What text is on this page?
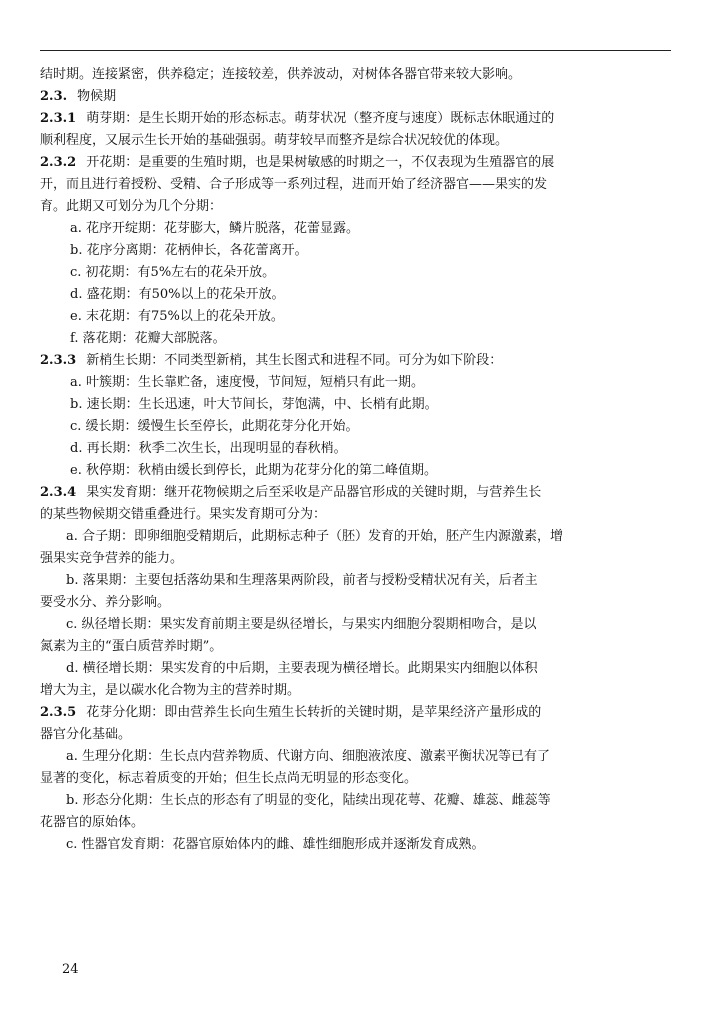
结时期。连接紧密，供养稳定；连接较差，供养波动，对树体各器官带来较大影响。
2.3. 物候期
2.3.1 萌芽期：是生长期开始的形态标志。萌芽状况（整齐度与速度）既标志休眠通过的
顺利程度，又展示生长开始的基础强弱。萌芽较早而整齐是综合状况较优的体现。
2.3.2 开花期：是重要的生殖时期，也是果树敏感的时期之一，不仅表现为生殖器官的展
开，而且进行着授粉、受精、合子形成等一系列过程，进而开始了经济器官——果实的发
育。此期又可划分为几个分期：
a. 花序开绽期：花芽膨大，鳞片脱落，花蕾显露。
b. 花序分离期：花柄伸长，各花蕾离开。
c. 初花期：有5%左右的花朵开放。
d. 盛花期：有50%以上的花朵开放。
e. 末花期：有75%以上的花朵开放。
f. 落花期：花瓣大部脱落。
2.3.3 新梢生长期：不同类型新梢，其生长图式和进程不同。可分为如下阶段：
a. 叶簇期：生长靠贮备，速度慢，节间短，短梢只有此一期。
b. 速长期：生长迅速，叶大节间长，芽饱满，中、长梢有此期。
c. 缓长期：缓慢生长至停长，此期花芽分化开始。
d. 再长期：秋季二次生长，出现明显的春秋梢。
e. 秋停期：秋梢由缓长到停长，此期为花芽分化的第二峰值期。
2.3.4 果实发育期：继开花物候期之后至采收是产品器官形成的关键时期，与营养生长
的某些物候期交错重叠进行。果实发育期可分为：
a. 合子期：即卵细胞受精期后，此期标志种子（胚）发育的开始，胚产生内源激素，增
强果实竞争营养的能力。
b. 落果期：主要包括落幼果和生理落果两阶段，前者与授粉受精状况有关，后者主
要受水分、养分影响。
c. 纵径增长期：果实发育前期主要是纵径增长，与果实内细胞分裂期相吻合，是以
氮素为主的“蛋白质营养时期”。
d. 横径增长期：果实发育的中后期，主要表现为横径增长。此期果实内细胞以体积
增大为主，是以碳水化合物为主的营养时期。
2.3.5 花芽分化期：即由营养生长向生殖生长转折的关键时期，是苹果经济产量形成的
器官分化基础。
a. 生理分化期：生长点内营养物质、代谢方向、细胞液浓度、激素平衡状况等已有了
显著的变化，标志着质变的开始；但生长点尚无明显的形态变化。
b. 形态分化期：生长点的形态有了明显的变化，陆续出现花萼、花瓣、雄蕊、雌蕊等
花器官的原始体。
c. 性器官发育期：花器官原始体内的雌、雄性细胞形成并逐渐发育成熟。
24
